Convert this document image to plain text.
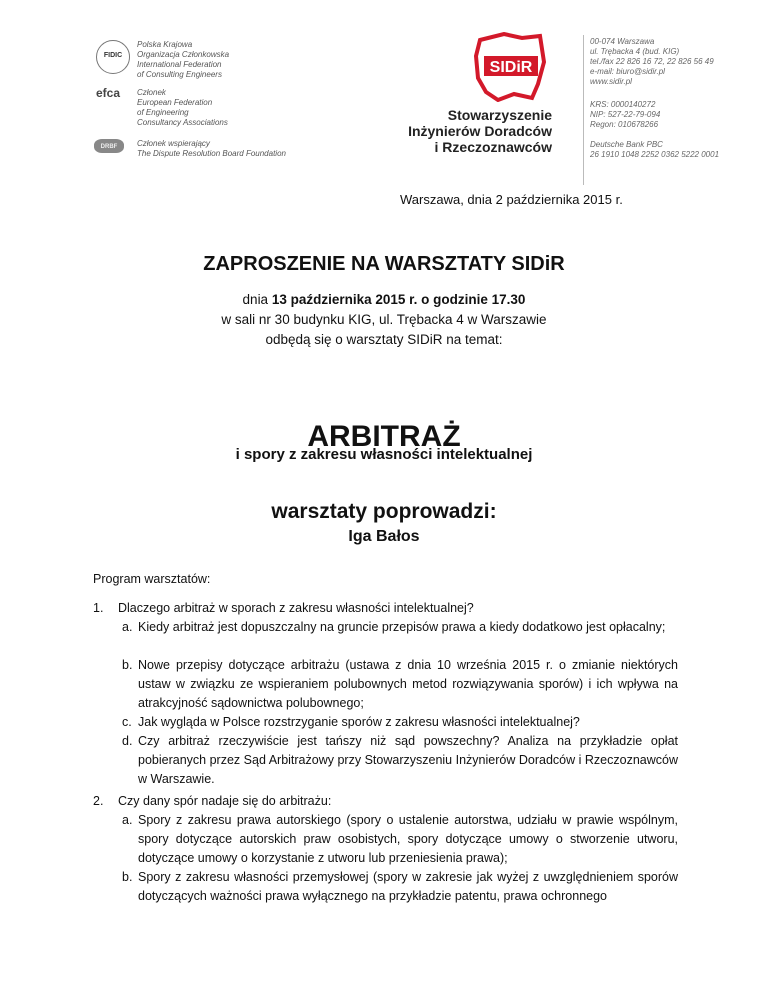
FIDIC
Polska Krajowa
Organizacja Członkowska
International Federation
of Consulting Engineers
efca Członek
European Federation
of Engineering
Consultancy Associations
DRBF	Członek wspierający
The Dispute Resolution Board Foundation
SIDiR
Stowarzyszenie
Inżynierów Doradców
i Rzeczoznawców
00-074 Warszawa
ul. Trębacka 4 (bud. KIG)
tel./fax 22 826 16 72, 22 826 56 49
e-mail: biuro@sidir.pl
www.sidir.pl
KRS: 0000140272
NIP: 527-22-79-094
Regon: 010678266
Deutsche Bank PBC
26 1910 1048 2252 0362 5222 0001
Warszawa, dnia 2 października 2015 r.
ZAPROSZENIE NA WARSZTATY SIDiR
dnia 13 października 2015 r. o godzinie 17.30
w sali nr 30 budynku KIG, ul. Trębacka 4 w Warszawie
odbędą się o warsztaty SIDiR na temat:
ARBITRAŻ
i spory z zakresu własności intelektualnej
warsztaty poprowadzi:
Iga Bałos
Program warsztatów:
1. Dlaczego arbitraż w sporach z zakresu własności intelektualnej?
a. Kiedy arbitraż jest dopuszczalny na gruncie przepisów prawa a kiedy dodatkowo jest opłacalny;
b. Nowe przepisy dotyczące arbitrażu (ustawa z dnia 10 września 2015 r. o zmianie niektórych ustaw w związku ze wspieraniem polubownych metod rozwiązywania sporów) i ich wpływa na atrakcyjność sądownictwa polubownego;
c. Jak wygląda w Polsce rozstrzyganie sporów z zakresu własności intelektualnej?
d. Czy arbitraż rzeczywiście jest tańszy niż sąd powszechny? Analiza na przykładzie opłat pobieranych przez Sąd Arbitrażowy przy Stowarzyszeniu Inżynierów Doradców i Rzeczoznawców w Warszawie.
2. Czy dany spór nadaje się do arbitrażu:
a. Spory z zakresu prawa autorskiego (spory o ustalenie autorstwa, udziału w prawie wspólnym, spory dotyczące autorskich praw osobistych, spory dotyczące umowy o stworzenie utworu, dotyczące umowy o korzystanie z utworu lub przeniesienia prawa);
b. Spory z zakresu własności przemysłowej (spory w zakresie jak wyżej z uwzględnieniem sporów dotyczących ważności prawa wyłącznego na przykładzie patentu, prawa ochronnego
